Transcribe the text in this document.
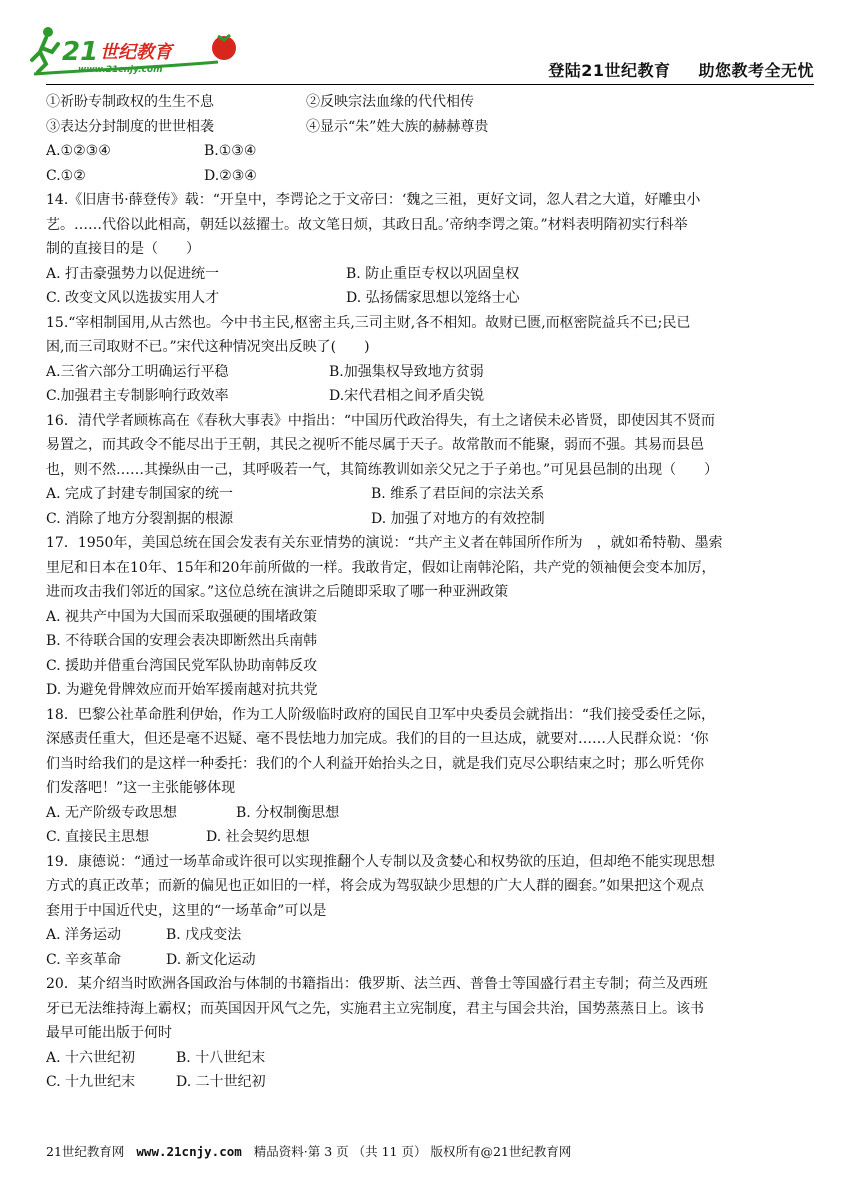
21 世纪教育
www.21cnjy.com	登陆21世纪教育 助您教考全无忧
①祈盼专制政权的生生不息	②反映宗法血缘的代代相传
③表达分封制度的世世相袭	④显示“朱”姓大族的赫赫尊贵
A.①②③④	B.①③④
C.①②	D.②③④
14.《旧唐书·薛登传》载：“开皇中，李谔论之于文帝曰：‘魏之三祖，更好文词，忽人君之大道，好雕虫小
艺。……代俗以此相高，朝廷以兹擢士。故文笔日烦，其政日乱。’帝纳李谔之策。”材料表明隋初实行科举
制的直接目的是（　　）
A. 打击豪强势力以促进统一	B. 防止重臣专权以巩固皇权
C. 改变文风以选拔实用人才	D. 弘扬儒家思想以笼络士心
15.“宰相制国用,从古然也。今中书主民,枢密主兵,三司主财,各不相知。故财已匮,而枢密院益兵不已;民已
困,而三司取财不已。”宋代这种情况突出反映了(　　)
A.三省六部分工明确运行平稳	B.加强集权导致地方贫弱
C.加强君主专制影响行政效率	D.宋代君相之间矛盾尖锐
16．清代学者顾栋高在《春秋大事表》中指出：“中国历代政治得失，有土之诸侯未必皆贤，即使因其不贤而
易置之，而其政令不能尽出于王朝，其民之视听不能尽属于天子。故常散而不能聚，弱而不强。其易而县邑
也，则不然……其操纵由一己，其呼吸若一气，其简练教训如亲父兄之于子弟也。”可见县邑制的出现（　　）
A. 完成了封建专制国家的统一	B. 维系了君臣间的宗法关系
C. 消除了地方分裂割据的根源	D. 加强了对地方的有效控制
17．1950年，美国总统在国会发表有关东亚情势的演说：“共产主义者在韩国所作所为　，就如希特勒、墨索
里尼和日本在10年、15年和20年前所做的一样。我敢肯定，假如让南韩沦陷，共产党的领袖便会变本加厉，
进而攻击我们邻近的国家。”这位总统在演讲之后随即采取了哪一种亚洲政策
A. 视共产中国为大国而采取强硬的围堵政策
B. 不待联合国的安理会表决即断然出兵南韩
C. 援助并借重台湾国民党军队协助南韩反攻
D. 为避免骨牌效应而开始军援南越对抗共党
18．巴黎公社革命胜利伊始，作为工人阶级临时政府的国民自卫军中央委员会就指出：“我们接受委任之际，
深感责任重大，但还是毫不迟疑、毫不畏怯地力加完成。我们的目的一旦达成，就要对……人民群众说：‘你
们当时给我们的是这样一种委托：我们的个人利益开始抬头之日，就是我们克尽公职结束之时；那么听凭你
们发落吧！”这一主张能够体现
A. 无产阶级专政思想	B. 分权制衡思想
C. 直接民主思想	D. 社会契约思想
19．康德说：“通过一场革命或许很可以实现推翻个人专制以及贪婪心和权势欲的压迫，但却绝不能实现思想
方式的真正改革；而新的偏见也正如旧的一样，将会成为驾驭缺少思想的广大人群的圈套。”如果把这个观点
套用于中国近代史，这里的“一场革命”可以是
A. 洋务运动	B. 戊戌变法
C. 辛亥革命	D. 新文化运动
20．某介绍当时欧洲各国政治与体制的书籍指出：俄罗斯、法兰西、普鲁士等国盛行君主专制；荷兰及西班
牙已无法维持海上霸权；而英国因开风气之先，实施君主立宪制度，君主与国会共治，国势蒸蒸日上。该书
最早可能出版于何时
A. 十六世纪初	B. 十八世纪末
C. 十九世纪末	D. 二十世纪初
21世纪教育网 www.21cnjy.com 精品资料·第 3 页 （共 11 页） 版权所有@21世纪教育网
